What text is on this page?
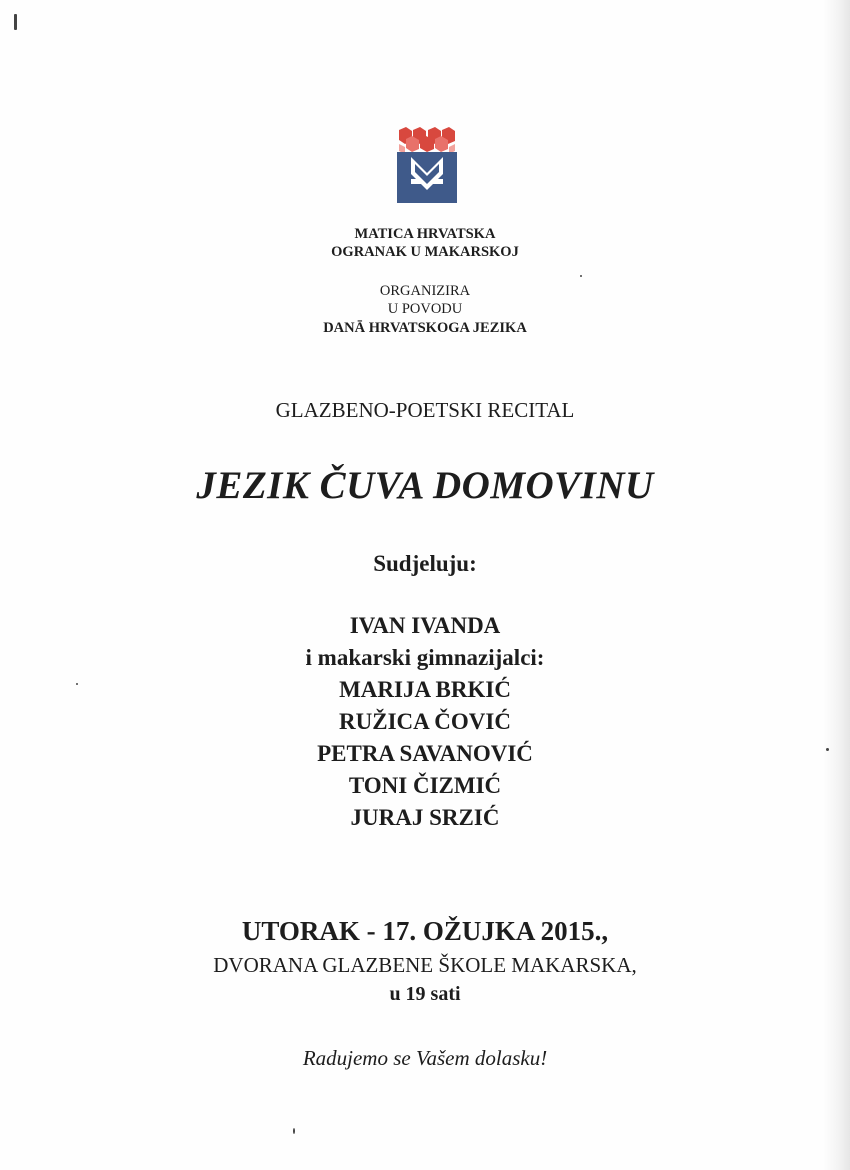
MATICA HRVATSKA
OGRANAK U MAKARSKOJ
ORGANIZIRA
U POVODU
DANĀ HRVATSKOGA JEZIKA
GLAZBENO-POETSKI RECITAL
JEZIK ČUVA DOMOVINU
Sudjeluju:
IVAN IVANDA
i makarski gimnazijalci:
MARIJA BRKIĆ
RUŽICA ČOVIĆ
PETRA SAVANOVIĆ
TONI ČIZMIĆ
JURAJ SRZIĆ
UTORAK - 17. OŽUJKA 2015.,
DVORANA GLAZBENE ŠKOLE MAKARSKA,
u 19 sati
Radujemo se Vašem dolasku!
